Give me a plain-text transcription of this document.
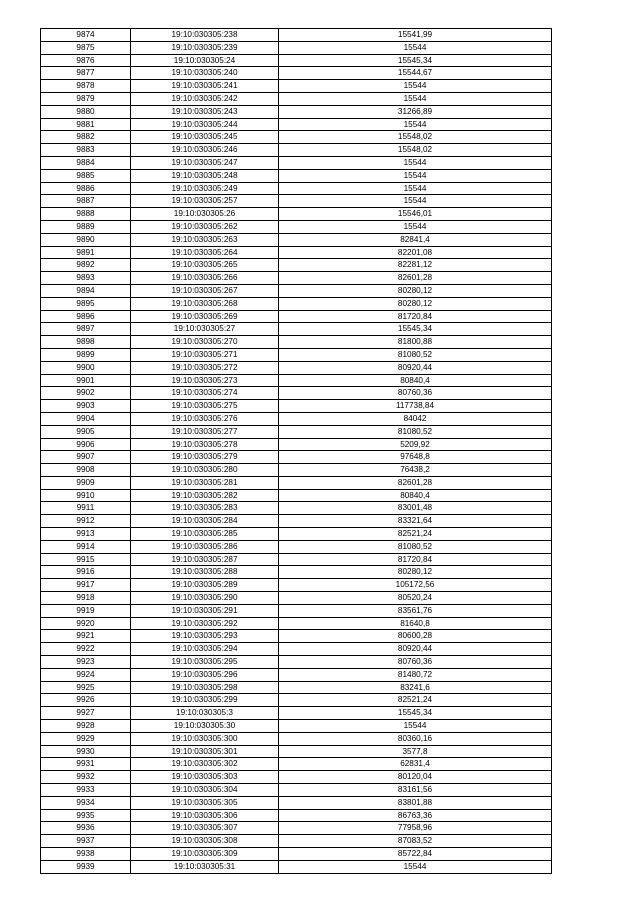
9874	19:10:030305:238	15541,99
9875	19:10:030305:239	15544
9876	19:10:030305:24	15545,34
9877	19:10:030305:240	15544,67
9878	19:10:030305:241	15544
9879	19:10:030305:242	15544
9880	19:10:030305:243	31266,89
9881	19:10:030305:244	15544
9882	19:10:030305:245	15548,02
9883	19:10:030305:246	15548,02
9884	19:10:030305:247	15544
9885	19:10:030305:248	15544
9886	19:10:030305:249	15544
9887	19:10:030305:257	15544
9888	19:10:030305:26	15546,01
9889	19:10:030305:262	15544
9890	19:10:030305:263	82841,4
9891	19:10:030305:264	82201,08
9892	19:10:030305:265	82281,12
9893	19:10:030305:266	82601,28
9894	19:10:030305:267	80280,12
9895	19:10:030305:268	80280,12
9896	19:10:030305:269	81720,84
9897	19:10:030305:27	15545,34
9898	19:10:030305:270	81800,88
9899	19:10:030305:271	81080,52
9900	19:10:030305:272	80920,44
9901	19:10:030305:273	80840,4
9902	19:10:030305:274	80760,36
9903	19:10:030305:275	117738,84
9904	19:10:030305:276	84042
9905	19:10:030305:277	81080,52
9906	19:10:030305:278	5209,92
9907	19:10:030305:279	97648,8
9908	19:10:030305:280	76438,2
9909	19:10:030305:281	82601,28
9910	19:10:030305:282	80840,4
9911	19:10:030305:283	83001,48
9912	19:10:030305:284	83321,64
9913	19:10:030305:285	82521,24
9914	19:10:030305:286	81080,52
9915	19:10:030305:287	81720,84
9916	19:10:030305:288	80280,12
9917	19:10:030305:289	105172,56
9918	19:10:030305:290	80520,24
9919	19:10:030305:291	83561,76
9920	19:10:030305:292	81640,8
9921	19:10:030305:293	80600,28
9922	19:10:030305:294	80920,44
9923	19:10:030305:295	80760,36
9924	19:10:030305:296	81480,72
9925	19:10:030305:298	83241,6
9926	19:10:030305:299	82521,24
9927	19:10:030305:3	15545,34
9928	19:10:030305:30	15544
9929	19:10:030305:300	80360,16
9930	19:10:030305:301	3577,8
9931	19:10:030305:302	62831,4
9932	19:10:030305:303	80120,04
9933	19:10:030305:304	83161,56
9934	19:10:030305:305	83801,88
9935	19:10:030305:306	86763,36
9936	19:10:030305:307	77958,96
9937	19:10:030305:308	87083,52
9938	19:10:030305:309	85722,84
9939	19:10:030305:31	15544
